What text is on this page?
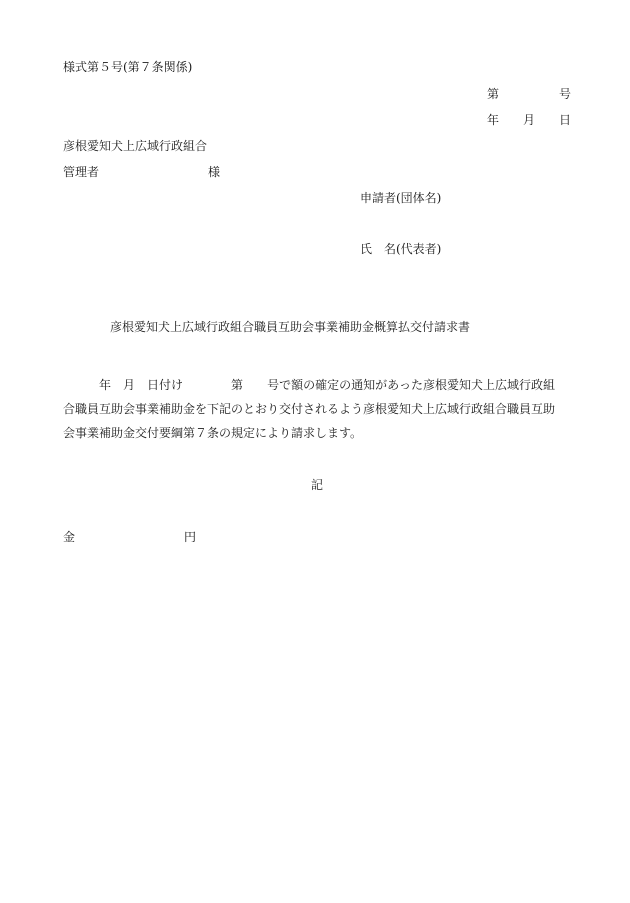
様式第５号(第７条関係)
第	号
年 月 日
彦根愛知犬上広域行政組合
管理者	様
申請者(団体名)
氏　名(代表者)
彦根愛知犬上広域行政組合職員互助会事業補助金概算払交付請求書
年 月 日付け	第 号で額の確定の通知があった彦根愛知犬上広域行政組
合職員互助会事業補助金を下記のとおり交付されるよう彦根愛知犬上広域行政組合職員互助
会事業補助金交付要綱第７条の規定により請求します。
記
金	円
